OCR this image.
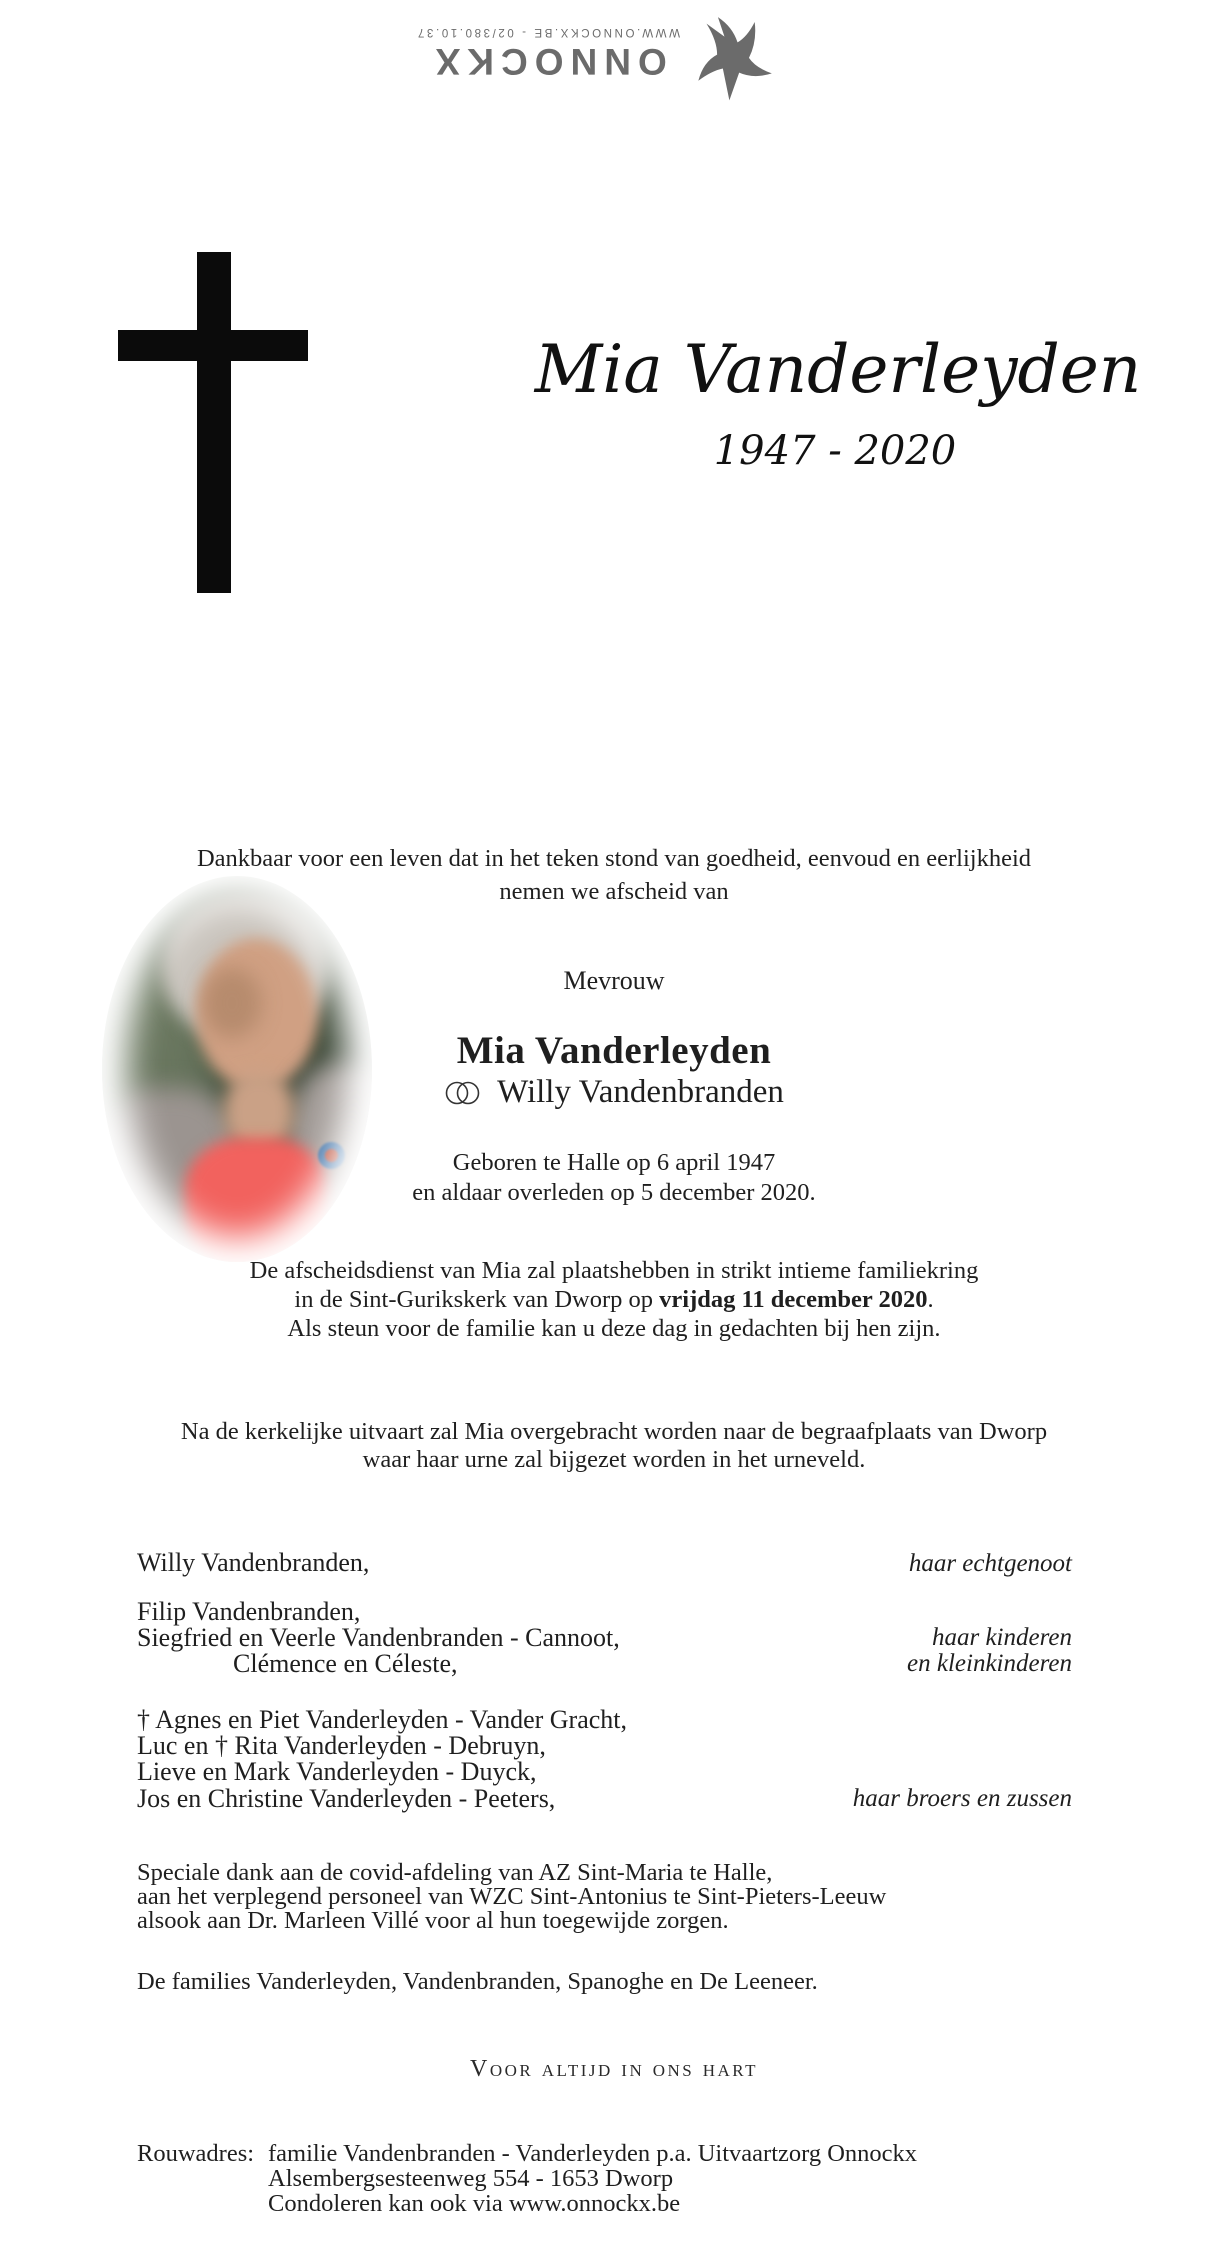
ONNOCKX
WWW.ONNOCKX.BE - 02/380.10.37
Mia Vanderleyden
1947 - 2020

Dankbaar voor een leven dat in het teken stond van goedheid, eenvoud en eerlijkheid

nemen we afscheid van

Mevrouw
Mia Vanderleyden
Willy Vandenbranden

Geboren te Halle op 6 april 1947

en aldaar overleden op 5 december 2020.

De afscheidsdienst van Mia zal plaatshebben in strikt intieme familiekring

in de Sint-Gurikskerk van Dworp op vrijdag 11 december 2020.

Als steun voor de familie kan u deze dag in gedachten bij hen zijn.

Na de kerkelijke uitvaart zal Mia overgebracht worden naar de begraafplaats van Dworp

waar haar urne zal bijgezet worden in het urneveld.

Willy Vandenbranden,	haar echtgenoot
Filip Vandenbranden,
Siegfried en Veerle Vandenbranden - Cannoot,
Clémence en Céleste,
haar kinderen
en kleinkinderen
† Agnes en Piet Vanderleyden - Vander Gracht,
Luc en † Rita Vanderleyden - Debruyn,
Lieve en Mark Vanderleyden - Duyck,
Jos en Christine Vanderleyden - Peeters,	haar broers en zussen
Speciale dank aan de covid-afdeling van AZ Sint-Maria te Halle,
aan het verplegend personeel van WZC Sint-Antonius te Sint-Pieters-Leeuw
alsook aan Dr. Marleen Villé voor al hun toegewijde zorgen.
De families Vanderleyden, Vandenbranden, Spanoghe en De Leeneer.
Voor altijd in ons hart
Rouwadres: familie Vandenbranden - Vanderleyden p.a. Uitvaartzorg Onnockx
Alsembergsesteenweg 554 - 1653 Dworp
Condoleren kan ook via www.onnockx.be
